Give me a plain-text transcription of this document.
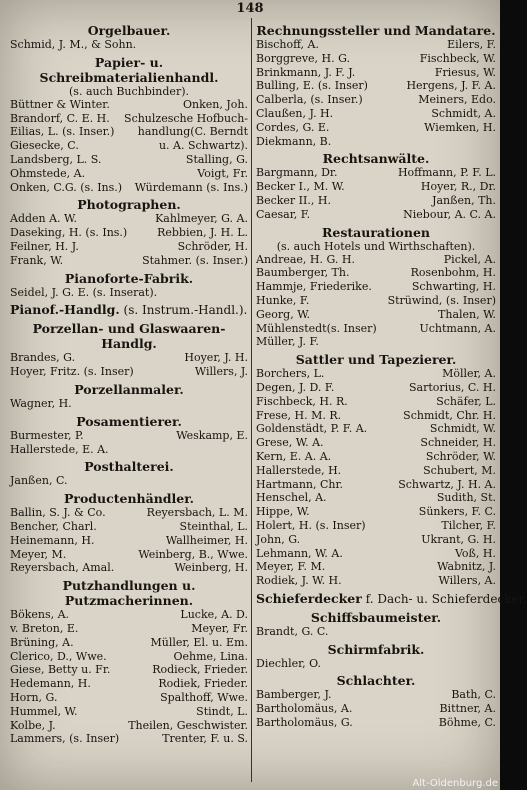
148
Orgelbauer.
Schmid, J. M., & Sohn.
Papier- u. Schreibmaterialienhandl.
(s. auch Buchbinder).
Büttner & Winter.	Onken, Joh.
Brandorf, C. E. H.	Schulzesche Hofbuch-
Eilias, L. (s. Inser.)	handlung(C. Berndt
Giesecke, C.	u. A. Schwartz).
Landsberg, L. S.	Stalling, G.
Ohmstede, A.	Voigt, Fr.
Onken, C.G. (s. Ins.)	Würdemann (s. Ins.)
Photographen.
Adden A. W.	Kahlmeyer, G. A.
Daseking, H. (s. Ins.)	Rebbien, J. H. L.
Feilner, H. J.	Schröder, H.
Frank, W.	Stahmer. (s. Inser.)
Pianoforte-Fabrik.
Seidel, J. G. E. (s. Inserat).
Pianof.-Handlg. (s. Instrum.-Handl.).
Porzellan- und Glaswaaren-Handlg.
Brandes, G.	Hoyer, J. H.
Hoyer, Fritz. (s. Inser)	Willers, J.
Porzellanmaler.
Wagner, H.
Posamentierer.
Burmester, P.	Weskamp, E.
Hallerstede, E. A.
Posthalterei.
Janßen, C.
Productenhändler.
Ballin, S. J. & Co.	Reyersbach, L. M.
Bencher, Charl.	Steinthal, L.
Heinemann, H.	Wallheimer, H.
Meyer, M.	Weinberg, B., Wwe.
Reyersbach, Amal.	Weinberg, H.
Putzhandlungen u. Putzmacherinnen.
Bökens, A.	Lucke, A. D.
v. Breton, E.	Meyer, Fr.
Brüning, A.	Müller, El. u. Em.
Clerico, D., Wwe.	Oehme, Lina.
Giese, Betty u. Fr.	Rodieck, Frieder.
Hedemann, H.	Rodiek, Frieder.
Horn, G.	Spalthoff, Wwe.
Hummel, W.	Stindt, L.
Kolbe, J.	Theilen, Geschwister.
Lammers, (s. Inser)	Trenter, F. u. S.
Rechnungssteller und Mandatare.
Bischoff, A.	Eilers, F.
Borggreve, H. G.	Fischbeck, W.
Brinkmann, J. F. J.	Friesus, W.
Bulling, E. (s. Inser)	Hergens, J. F. A.
Calberla, (s. Inser.)	Meiners, Edo.
Claußen, J. H.	Schmidt, A.
Cordes, G. E.	Wiemken, H.
Diekmann, B.
Rechtsanwälte.
Bargmann, Dr.	Hoffmann, P. F. L.
Becker I., M. W.	Hoyer, R., Dr.
Becker II., H.	Janßen, Th.
Caesar, F.	Niebour, A. C. A.
Restaurationen
(s. auch Hotels und Wirthschaften).
Andreae, H. G. H.	Pickel, A.
Baumberger, Th.	Rosenbohm, H.
Hammje, Friederike.	Schwarting, H.
Hunke, F.	Strüwind, (s. Inser)
Georg, W.	Thalen, W.
Mühlenstedt(s. Inser)	Uchtmann, A.
Müller, J. F.
Sattler und Tapezierer.
Borchers, L.	Möller, A.
Degen, J. D. F.	Sartorius, C. H.
Fischbeck, H. R.	Schäfer, L.
Frese, H. M. R.	Schmidt, Chr. H.
Goldenstädt, P. F. A.	Schmidt, W.
Grese, W. A.	Schneider, H.
Kern, E. A. A.	Schröder, W.
Hallerstede, H.	Schubert, M.
Hartmann, Chr.	Schwartz, J. H. A.
Henschel, A.	Sudith, St.
Hippe, W.	Sünkers, F. C.
Holert, H. (s. Inser)	Tilcher, F.
John, G.	Ukrant, G. H.
Lehmann, W. A.	Voß, H.
Meyer, F. M.	Wabnitz, J.
Rodiek, J. W. H.	Willers, A.
Schieferdecker f. Dach- u. Schieferdecker.
Schiffsbaumeister.
Brandt, G. C.
Schirmfabrik.
Diechler, O.
Schlachter.
Bamberger, J.	Bath, C.
Bartholomäus, A.	Bittner, A.
Bartholomäus, G.	Böhme, C.
Alt-Oldenburg.de
